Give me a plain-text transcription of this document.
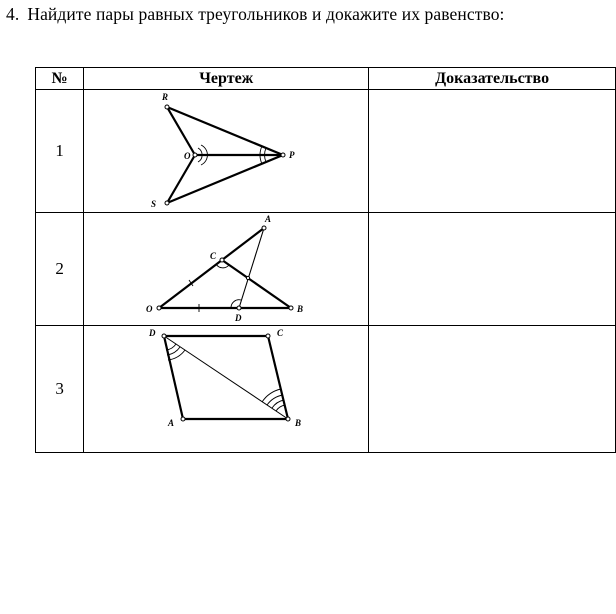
4. Найдите пары равных треугольников и докажите их равенство:
№	Чертеж	Доказательство
1	R
O P
S	

2	A
C
O
D
B	

3	D C
A B	
